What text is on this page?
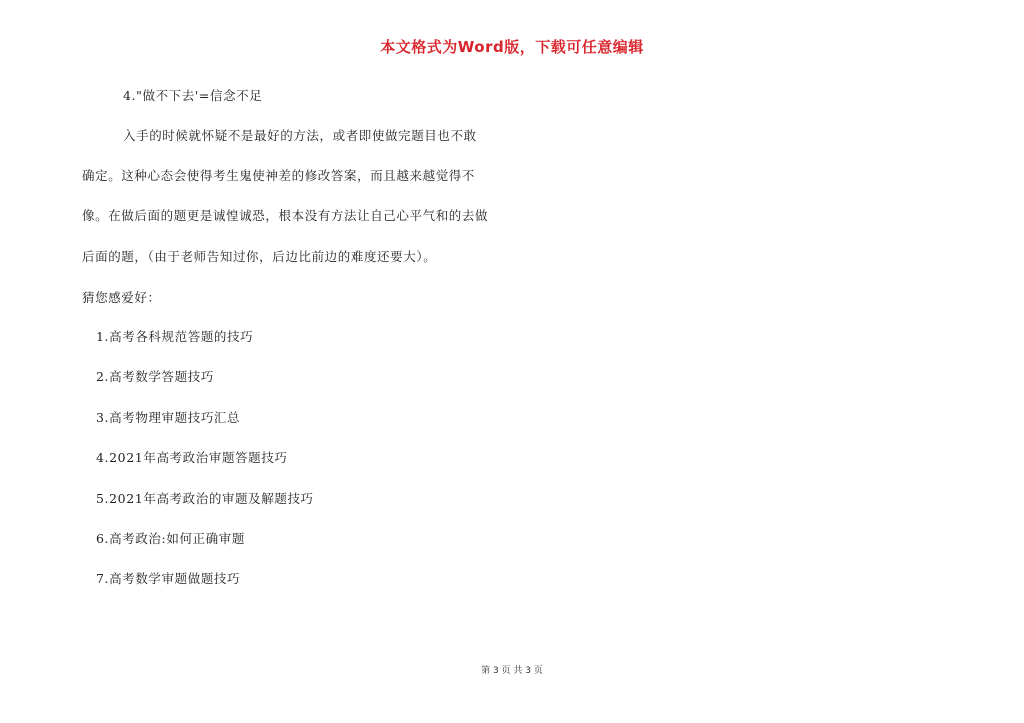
本文格式为Word版，下载可任意编辑
4."做不下去'=信念不足
入手的时候就怀疑不是最好的方法，或者即使做完题目也不敢
确定。这种心态会使得考生鬼使神差的修改答案，而且越来越觉得不
像。在做后面的题更是诚惶诚恐，根本没有方法让自己心平气和的去做
后面的题，（由于老师告知过你，后边比前边的难度还要大）。
猜您感爱好：
1.高考各科规范答题的技巧
2.高考数学答题技巧
3.高考物理审题技巧汇总
4.2021年高考政治审题答题技巧
5.2021年高考政治的审题及解题技巧
6.高考政治:如何正确审题
7.高考数学审题做题技巧
第 3 页 共 3 页
